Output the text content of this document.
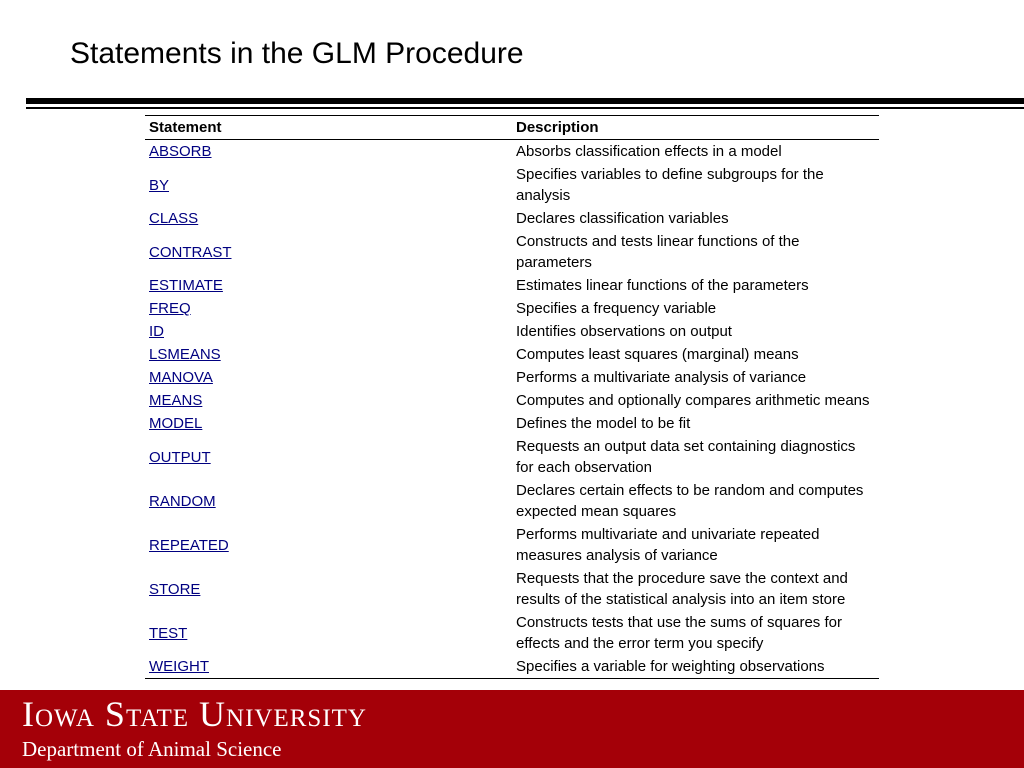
Statements in the GLM Procedure
Statement	Description
ABSORB	Absorbs classification effects in a model
BY	Specifies variables to define subgroups for the analysis
CLASS	Declares classification variables
CONTRAST	Constructs and tests linear functions of the parameters
ESTIMATE	Estimates linear functions of the parameters
FREQ	Specifies a frequency variable
ID	Identifies observations on output
LSMEANS	Computes least squares (marginal) means
MANOVA	Performs a multivariate analysis of variance
MEANS	Computes and optionally compares arithmetic means
MODEL	Defines the model to be fit
OUTPUT	Requests an output data set containing diagnostics for each observation
RANDOM	Declares certain effects to be random and computes expected mean squares
REPEATED	Performs multivariate and univariate repeated measures analysis of variance
STORE	Requests that the procedure save the context and results of the statistical analysis into an item store
TEST	Constructs tests that use the sums of squares for effects and the error term you specify
WEIGHT	Specifies a variable for weighting observations
Iowa State University
Department of Animal Science
